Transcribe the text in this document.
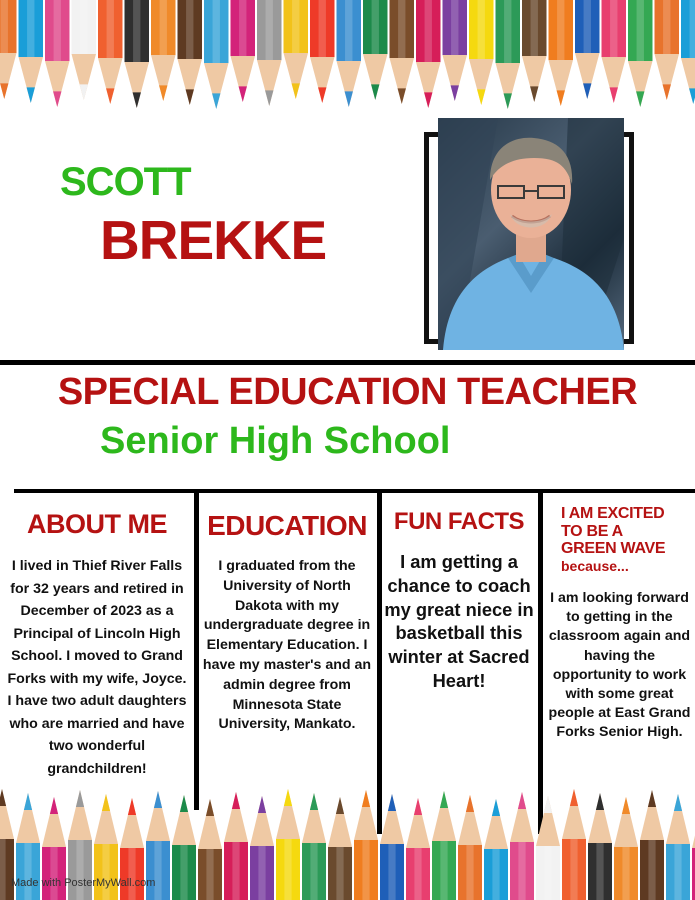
SCOTT
BREKKE
SPECIAL EDUCATION TEACHER
Senior High School
ABOUT ME

I lived in Thief River Falls for 32 years and retired in December of 2023 as a Principal of Lincoln High School. I moved to Grand Forks with my wife, Joyce. I have two adult daughters who are married and have two wonderful grandchildren!

EDUCATION

I graduated from the University of North Dakota with my undergraduate degree in Elementary Education. I have my master's and an admin degree from Minnesota State University, Mankato.

FUN FACTS

I am getting a chance to coach my great niece in basketball this winter at Sacred Heart!

I AM EXCITED
TO BE A
GREEN WAVE
because...

I am looking forward to getting in the classroom again and having the opportunity to work with some great people at East Grand Forks Senior High.

Made with PosterMyWall.com
